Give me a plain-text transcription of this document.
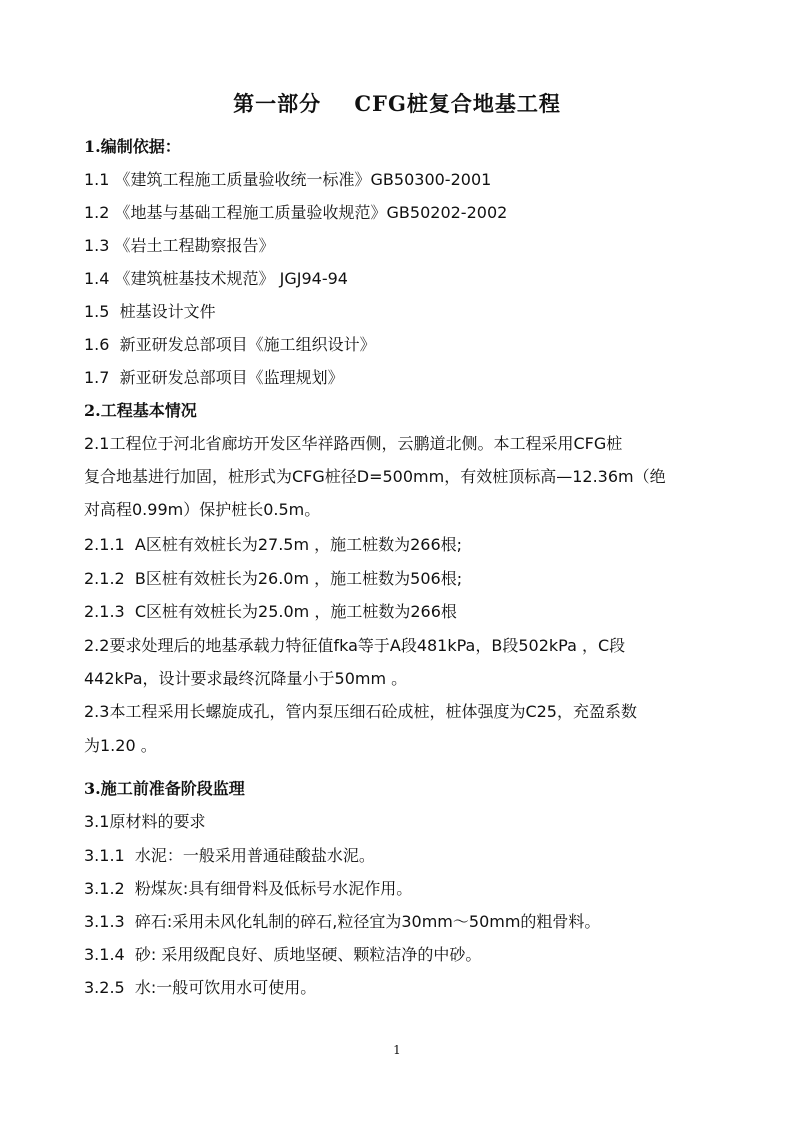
第一部分    CFG桩复合地基工程
1.编制依据：
1.1 《建筑工程施工质量验收统一标准》GB50300-2001
1.2 《地基与基础工程施工质量验收规范》GB50202-2002
1.3 《岩土工程勘察报告》
1.4 《建筑桩基技术规范》 JGJ94-94
1.5  桩基设计文件
1.6  新亚研发总部项目《施工组织设计》
1.7  新亚研发总部项目《监理规划》
2.工程基本情况
2.1工程位于河北省廊坊开发区华祥路西侧，云鹏道北侧。本工程采用CFG桩
复合地基进行加固，桩形式为CFG桩径D=500mm，有效桩顶标高—12.36m（绝
对高程0.99m）保护桩长0.5m。
2.1.1  A区桩有效桩长为27.5m ，施工桩数为266根;
2.1.2  B区桩有效桩长为26.0m ，施工桩数为506根;
2.1.3  C区桩有效桩长为25.0m ，施工桩数为266根
2.2要求处理后的地基承载力特征值fka等于A段481kPa，B段502kPa ，C段
442kPa，设计要求最终沉降量小于50mm 。
2.3本工程采用长螺旋成孔，管内泵压细石砼成桩，桩体强度为C25，充盈系数
为1.20 。
3.施工前准备阶段监理
3.1原材料的要求
3.1.1  水泥：一般采用普通硅酸盐水泥。
3.1.2  粉煤灰:具有细骨料及低标号水泥作用。
3.1.3  碎石:采用未风化轧制的碎石,粒径宜为30mm～50mm的粗骨料。
3.1.4  砂: 采用级配良好、质地坚硬、颗粒洁净的中砂。
3.2.5  水:一般可饮用水可使用。
1
